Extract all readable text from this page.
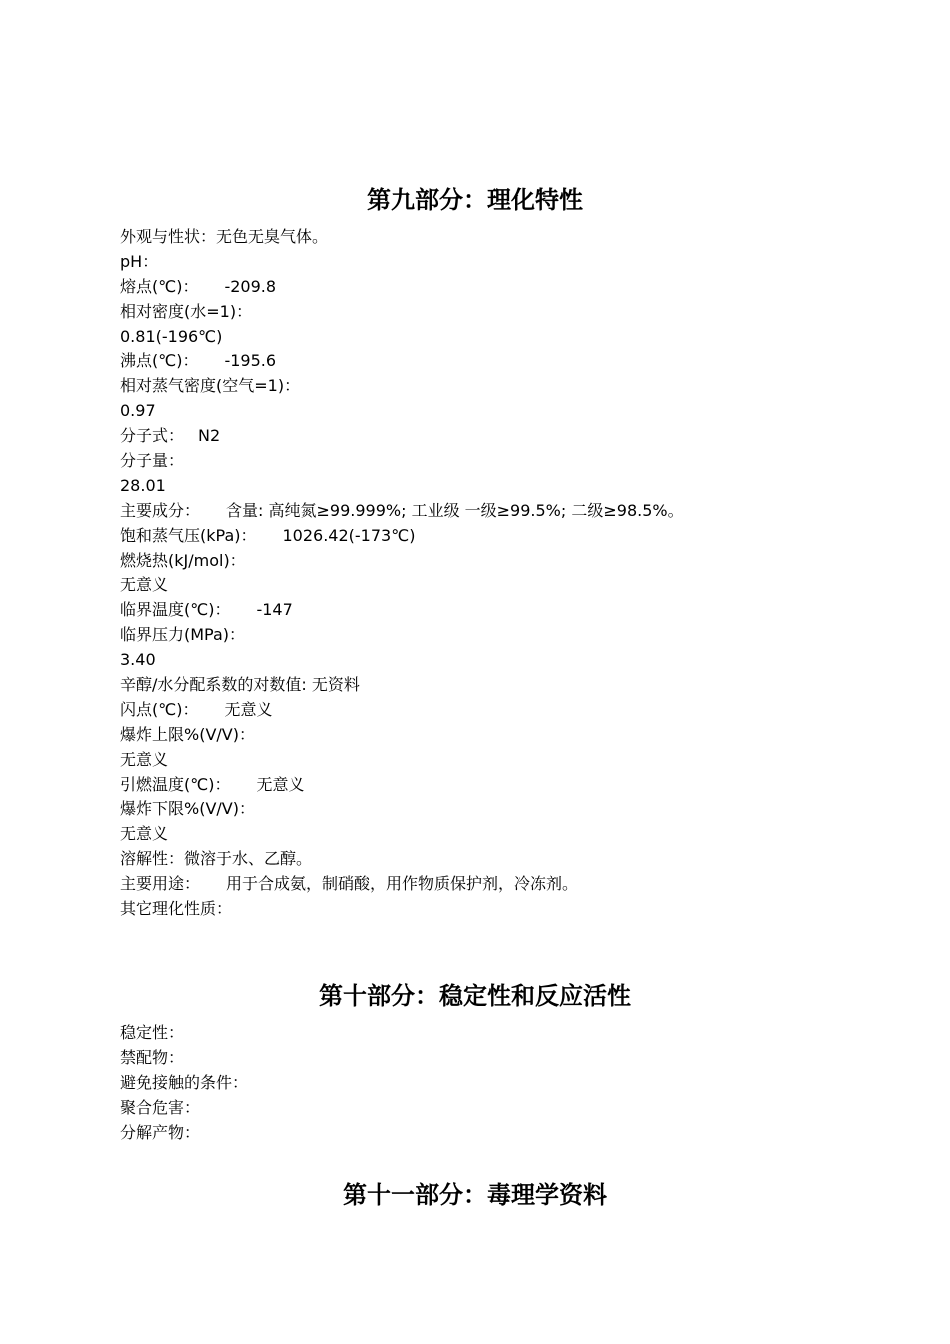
第九部分：理化特性
外观与性状：无色无臭气体。
pH：
熔点(℃)： -209.8
相对密度(水=1)：
0.81(-196℃)
沸点(℃)： -195.6
相对蒸气密度(空气=1)：
0.97
分子式： N2
分子量：
28.01
主要成分： 含量: 高纯氮≥99.999%; 工业级 一级≥99.5%; 二级≥98.5%。
饱和蒸气压(kPa)： 1026.42(-173℃)
燃烧热(kJ/mol)：
无意义
临界温度(℃)： -147
临界压力(MPa)：
3.40
辛醇/水分配系数的对数值: 无资料
闪点(℃)： 无意义
爆炸上限%(V/V)：
无意义
引燃温度(℃)： 无意义
爆炸下限%(V/V)：
无意义
溶解性：微溶于水、乙醇。
主要用途： 用于合成氨，制硝酸，用作物质保护剂，冷冻剂。
其它理化性质：
第十部分：稳定性和反应活性
稳定性：
禁配物：
避免接触的条件：
聚合危害：
分解产物：
第十一部分：毒理学资料
